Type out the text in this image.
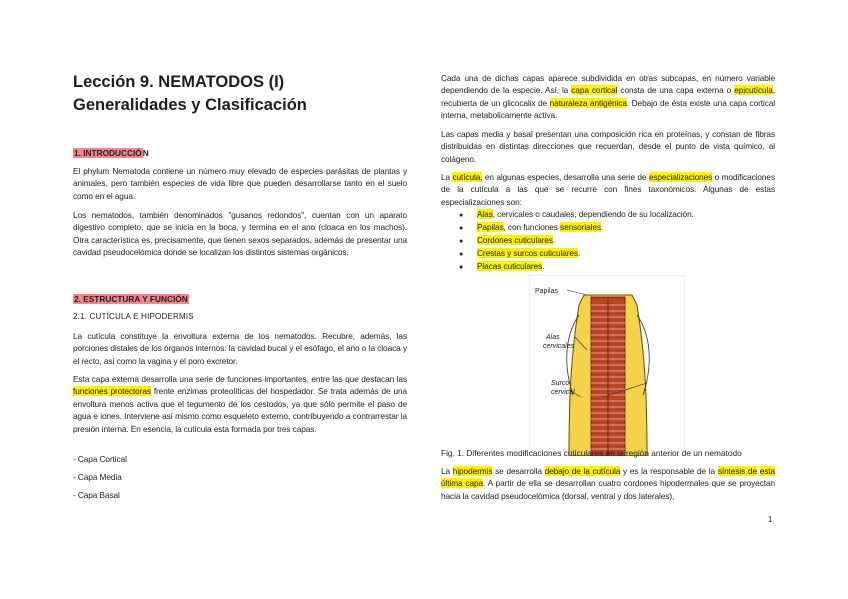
Lección 9. NEMATODOS (I)
Generalidades y Clasificación
1. INTRODUCCIÓN

El phylum Nematoda contiene un número muy elevado de especies parásitas de plantas y animales, pero también especies de vida libre que pueden desarrollarse tanto en el suelo como en el agua.

Los nematodos, también denominados "gusanos redondos", cuentan con un aparato digestivo completo, que se inicia en la boca, y termina en el ano (cloaca en los machos). Otra característica es, precisamente, que tienen sexos separados, además de presentar una cavidad pseudocelómica donde se localizan los distintos sistemas orgánicos.

2. ESTRUCTURA Y FUNCIÓN
2.1. CUTÍCULA E HIPODERMIS

La cutícula constituye la envoltura externa de los nematodos. Recubre, además, las porciones distales de los órganos internos: la cavidad bucal y el esófago, el ano o la cloaca y el recto, así como la vagina y el poro excretor.

Esta capa externa desarrolla una serie de funciones importantes, entre las que destacan las funciones protectoras frente enzimas proteolíticas del hospedador. Se trata además de una envoltura menos activa que el tegumento de los cestodos, ya que sólo permite el paso de agua e iones. Interviene así mismo como esqueleto externo, contribuyendo a contrarrestar la presión interna. En esencia, la cutícula esta formada por tres capas.

- Capa Cortical
- Capa Media
- Capa Basal

Cada una de dichas capas aparece subdividida en otras subcapas, en número variable dependiendo de la especie. Así, la capa cortical consta de una capa externa o epicutícula, recubierta de un glicocalix de naturaleza antigénica. Debajo de ésta existe una capa cortical interna, metabolicamente activa.

Las capas media y basal presentan una composición rica en proteínas, y constan de fibras distribuidas en distintas direcciones que recuerdan, desde el punto de vista químico, al colágeno.

La cutícula, en algunas especies, desarrolla una serie de especializaciones o modificaciones de la cutícula a las que se recurre con fines taxonómicos. Algunas de estas especializaciones son:

● Alas, cervicales o caudales, dependiendo de su localización.
● Papilas, con funciones sensoriales.
● Cordones cuticulares.
● Crestas y surcos cuticulares.
● Placas cuticulares.
Papilas
Alas
cervicales
Surco
cervical
Fig. 1. Diferentes modificaciones cuticulares en la región anterior de un nematodo

La hipodermis se desarrolla debajo de la cutícula y es la responsable de la síntesis de esta última capa. A partir de ella se desarrollan cuatro cordones hipodermales que se proyectan hacia la cavidad pseudocelómica (dorsal, ventral y dos laterales),

1
